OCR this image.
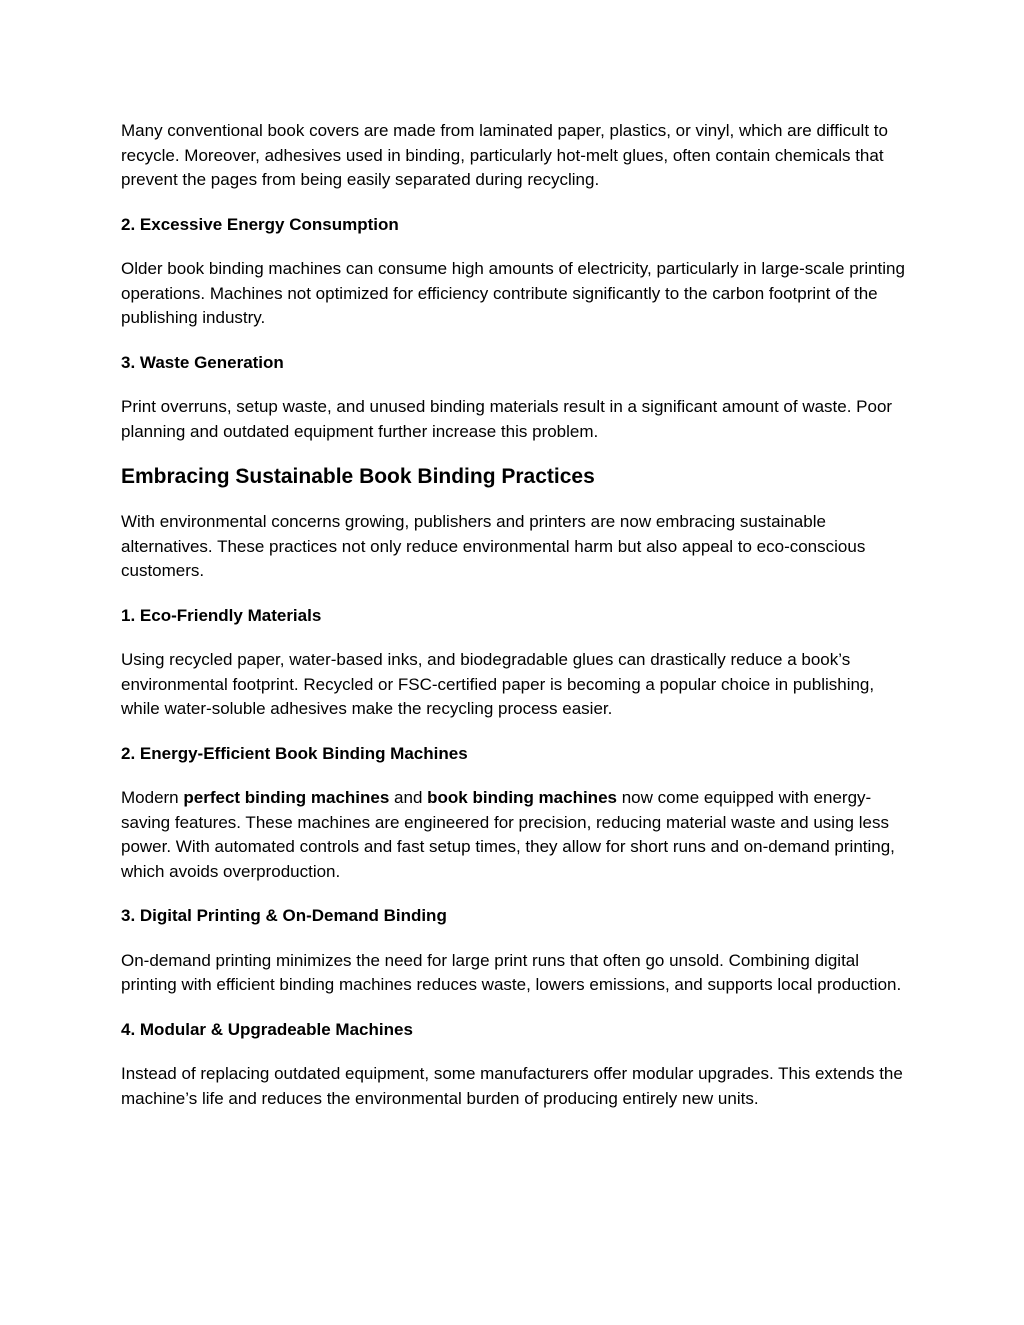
Many conventional book covers are made from laminated paper, plastics, or vinyl, which are difficult to recycle. Moreover, adhesives used in binding, particularly hot-melt glues, often contain chemicals that prevent the pages from being easily separated during recycling.

2. Excessive Energy Consumption

Older book binding machines can consume high amounts of electricity, particularly in large-scale printing operations. Machines not optimized for efficiency contribute significantly to the carbon footprint of the publishing industry.

3. Waste Generation

Print overruns, setup waste, and unused binding materials result in a significant amount of waste. Poor planning and outdated equipment further increase this problem.

Embracing Sustainable Book Binding Practices

With environmental concerns growing, publishers and printers are now embracing sustainable alternatives. These practices not only reduce environmental harm but also appeal to eco-conscious customers.

1. Eco-Friendly Materials

Using recycled paper, water-based inks, and biodegradable glues can drastically reduce a book’s environmental footprint. Recycled or FSC-certified paper is becoming a popular choice in publishing, while water-soluble adhesives make the recycling process easier.

2. Energy-Efficient Book Binding Machines

Modern perfect binding machines and book binding machines now come equipped with energy-saving features. These machines are engineered for precision, reducing material waste and using less power. With automated controls and fast setup times, they allow for short runs and on-demand printing, which avoids overproduction.

3. Digital Printing & On-Demand Binding

On-demand printing minimizes the need for large print runs that often go unsold. Combining digital printing with efficient binding machines reduces waste, lowers emissions, and supports local production.

4. Modular & Upgradeable Machines

Instead of replacing outdated equipment, some manufacturers offer modular upgrades. This extends the machine’s life and reduces the environmental burden of producing entirely new units.
